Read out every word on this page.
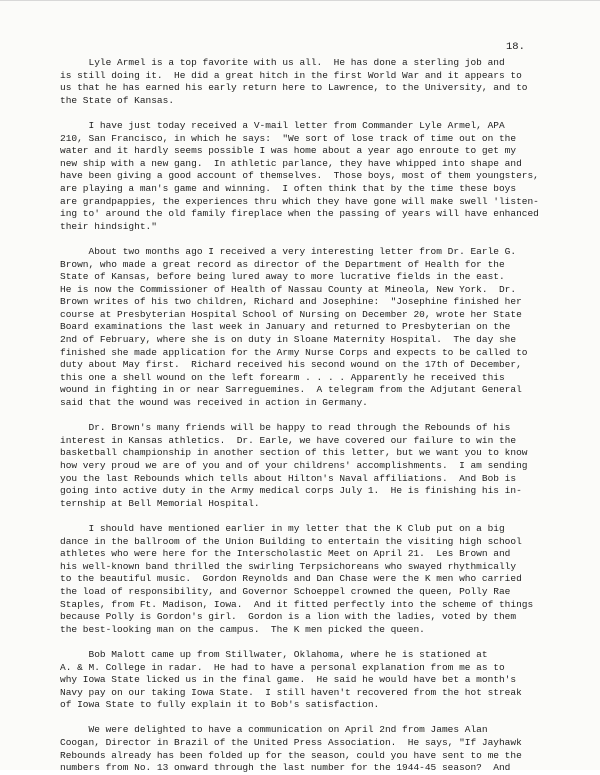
18.
Lyle Armel is a top favorite with us all.  He has done a sterling job and
is still doing it.  He did a great hitch in the first World War and it appears to
us that he has earned his early return here to Lawrence, to the University, and to
the State of Kansas.
I have just today received a V-mail letter from Commander Lyle Armel, APA
210, San Francisco, in which he says:  "We sort of lose track of time out on the
water and it hardly seems possible I was home about a year ago enroute to get my
new ship with a new gang.  In athletic parlance, they have whipped into shape and
have been giving a good account of themselves.  Those boys, most of them youngsters,
are playing a man's game and winning.  I often think that by the time these boys
are grandpappies, the experiences thru which they have gone will make swell 'listen-
ing to' around the old family fireplace when the passing of years will have enhanced
their hindsight."
About two months ago I received a very interesting letter from Dr. Earle G.
Brown, who made a great record as director of the Department of Health for the
State of Kansas, before being lured away to more lucrative fields in the east.
He is now the Commissioner of Health of Nassau County at Mineola, New York.  Dr.
Brown writes of his two children, Richard and Josephine:  "Josephine finished her
course at Presbyterian Hospital School of Nursing on December 20, wrote her State
Board examinations the last week in January and returned to Presbyterian on the
2nd of February, where she is on duty in Sloane Maternity Hospital.  The day she
finished she made application for the Army Nurse Corps and expects to be called to
duty about May first.  Richard received his second wound on the 17th of December,
this one a shell wound on the left forearm . . . . Apparently he received this
wound in fighting in or near Sarreguemines.  A telegram from the Adjutant General
said that the wound was received in action in Germany.
Dr. Brown's many friends will be happy to read through the Rebounds of his
interest in Kansas athletics.  Dr. Earle, we have covered our failure to win the
basketball championship in another section of this letter, but we want you to know
how very proud we are of you and of your childrens' accomplishments.  I am sending
you the last Rebounds which tells about Hilton's Naval affiliations.  And Bob is
going into active duty in the Army medical corps July 1.  He is finishing his in-
ternship at Bell Memorial Hospital.
I should have mentioned earlier in my letter that the K Club put on a big
dance in the ballroom of the Union Building to entertain the visiting high school
athletes who were here for the Interscholastic Meet on April 21.  Les Brown and
his well-known band thrilled the swirling Terpsichoreans who swayed rhythmically
to the beautiful music.  Gordon Reynolds and Dan Chase were the K men who carried
the load of responsibility, and Governor Schoeppel crowned the queen, Polly Rae
Staples, from Ft. Madison, Iowa.  And it fitted perfectly into the scheme of things
because Polly is Gordon's girl.  Gordon is a lion with the ladies, voted by them
the best-looking man on the campus.  The K men picked the queen.
Bob Malott came up from Stillwater, Oklahoma, where he is stationed at
A. & M. College in radar.  He had to have a personal explanation from me as to
why Iowa State licked us in the final game.  He said he would have bet a month's
Navy pay on our taking Iowa State.  I still haven't recovered from the hot streak
of Iowa State to fully explain it to Bob's satisfaction.
We were delighted to have a communication on April 2nd from James Alan
Coogan, Director in Brazil of the United Press Association.  He says, "If Jayhawk
Rebounds already has been folded up for the season, could you have sent to me the
numbers from No. 13 onward through the last number for the 1944-45 season?  And
